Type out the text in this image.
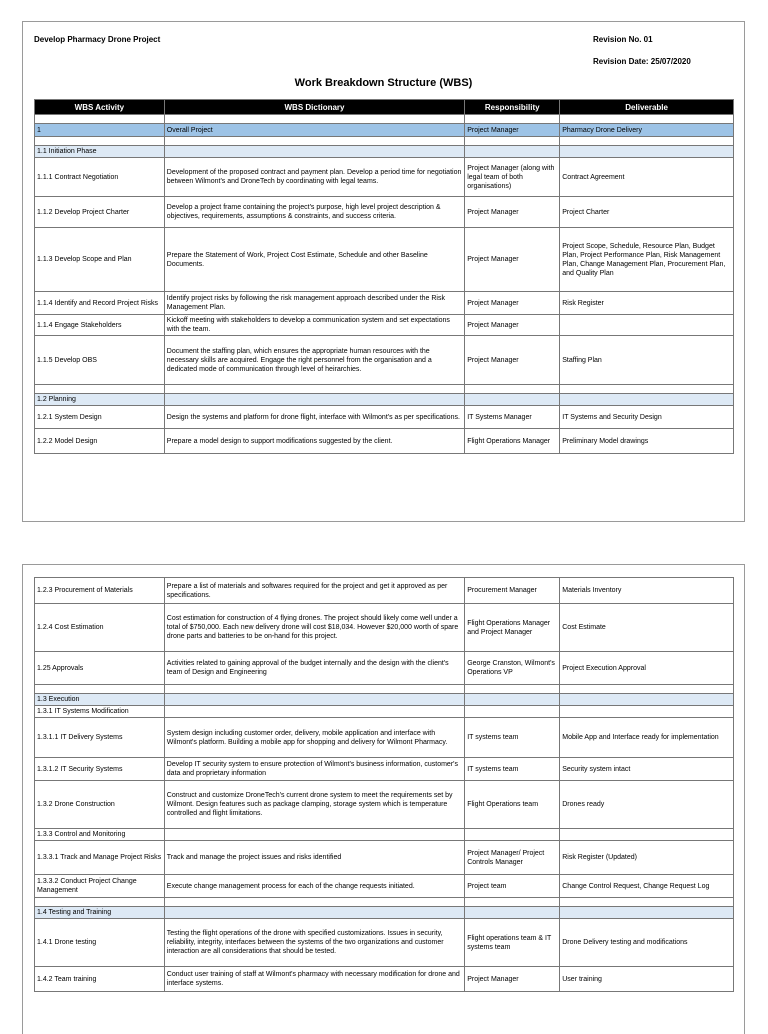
Develop Pharmacy Drone Project	Revision No. 01
Revision Date: 25/07/2020
Work Breakdown Structure (WBS)
WBS Activity	WBS Dictionary	Responsibility	Deliverable

1	Overall Project	Project Manager	Pharmacy Drone Delivery

1.1 Initiation Phase			
1.1.1 Contract Negotiation	Development of the proposed contract and payment plan. Develop a period time for negotiation between Wilmont's and DroneTech by coordinating with legal teams.	Project Manager (along with legal team of both organisations)	Contract Agreement
1.1.2 Develop Project Charter	Develop a project frame containing the project's purpose, high level project description & objectives, requirements, assumptions & constraints, and success criteria.	Project Manager	Project Charter
1.1.3 Develop Scope and Plan	Prepare the Statement of Work, Project Cost Estimate, Schedule and other Baseline Documents.	Project Manager	Project Scope, Schedule, Resource Plan, Budget Plan, Project Performance Plan, Risk Management Plan, Change Management Plan, Procurement Plan, and Quality Plan
1.1.4 Identify and Record Project Risks	Identify project risks by following the risk management approach described under the Risk Management Plan.	Project Manager	Risk Register
1.1.4 Engage Stakeholders	Kickoff meeting with stakeholders to develop a communication system and set expectations with the team.	Project Manager	
1.1.5 Develop OBS	Document the staffing plan, which ensures the appropriate human resources with the necessary skills are acquired. Engage the right personnel from the organisation and a dedicated mode of communication through level of heirarchies.	Project Manager	Staffing Plan

1.2 Planning			
1.2.1 System Design	Design the systems and platform for drone flight, interface with Wilmont's as per specifications.	IT Systems Manager	IT Systems and Security Design
1.2.2 Model Design	Prepare a model design to support modifications suggested by the client.	Flight Operations Manager	Preliminary Model drawings
1.2.3 Procurement of Materials	Prepare a list of materials and softwares required for the project and get it approved as per specifications.	Procurement Manager	Materials Inventory
1.2.4 Cost Estimation	Cost estimation for construction of 4 flying drones. The project should likely come well under a total of $750,000. Each new delivery drone will cost $18,034. However $20,000 worth of spare drone parts and batteries to be on-hand for this project.	Flight Operations Manager and Project Manager	Cost Estimate
1.25 Approvals	Activities related to gaining approval of the budget internally and the design with the client's team of Design and Engineering	George Cranston, Wilmont's Operations VP	Project Execution Approval

1.3 Execution			
1.3.1 IT Systems Modification			
1.3.1.1 IT Delivery Systems	System design including customer order, delivery, mobile application and interface with Wilmont's platform. Building a mobile app for shopping and delivery for Wilmont Pharmacy.	IT systems team	Mobile App and Interface ready for implementation
1.3.1.2 IT Security Systems	Develop IT security system to ensure protection of Wilmont's business information, customer's data and proprietary information	IT systems team	Security system intact
1.3.2 Drone Construction	Construct and customize DroneTech's current drone system to meet the requirements set by Wilmont. Design features such as package clamping, storage system which is temperature controlled and flight limitations.	Flight Operations team	Drones ready
1.3.3 Control and Monitoring			
1.3.3.1 Track and Manage Project Risks	Track and manage the project issues and risks identified	Project Manager/ Project Controls Manager	Risk Register (Updated)
1.3.3.2 Conduct Project Change Management	Execute change management process for each of the change requests initiated.	Project team	Change Control Request, Change Request Log

1.4 Testing and Training			
1.4.1 Drone testing	Testing the flight operations of the drone with specified customizations. Issues in security, reliability, integrity, interfaces between the systems of the two organizations and customer interaction are all considerations that should be tested.	Flight operations team & IT systems team	Drone Delivery testing and modifications
1.4.2 Team training	Conduct user training of staff at Wilmont's pharmacy with necessary modification for drone and interface systems.	Project Manager	User training
